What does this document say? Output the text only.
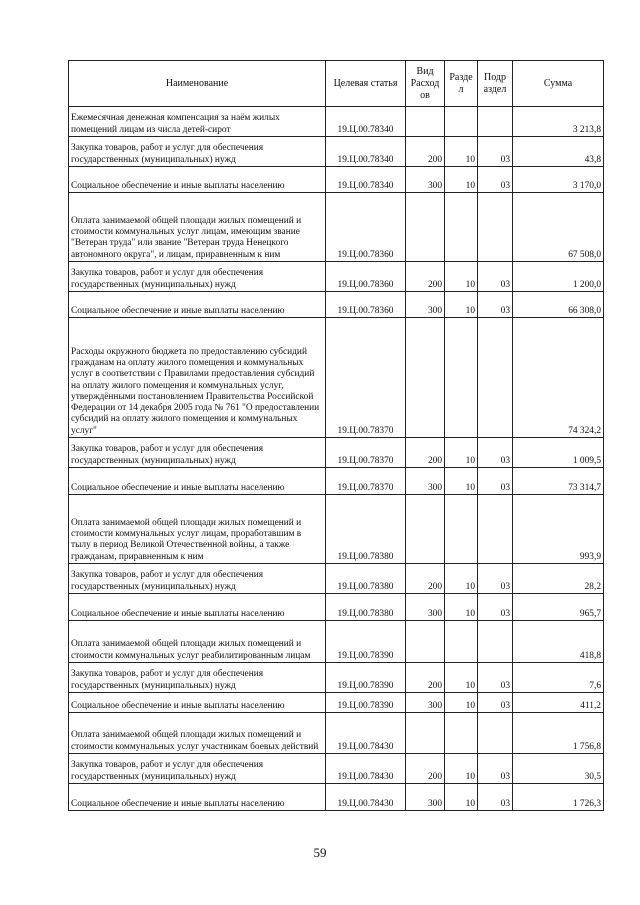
Наименование	Целевая статья	Вид Расход ов	Разде л	Подр аздел	Сумма
Ежемесячная денежная компенсация за наём жилых помещений лицам из числа детей-сирот	19.Ц.00.78340				3 213,8
Закупка товаров, работ и услуг для обеспечения государственных (муниципальных) нужд	19.Ц.00.78340	200	10	03	43,8
Социальное обеспечение и иные выплаты населению	19.Ц.00.78340	300	10	03	3 170,0
Оплата занимаемой общей площади жилых помещений и стоимости коммунальных услуг лицам, имеющим звание "Ветеран труда" или звание "Ветеран труда Ненецкого автономного округа", и лицам, приравненным к ним	19.Ц.00.78360				67 508,0
Закупка товаров, работ и услуг для обеспечения государственных (муниципальных) нужд	19.Ц.00.78360	200	10	03	1 200,0
Социальное обеспечение и иные выплаты населению	19.Ц.00.78360	300	10	03	66 308,0
Расходы окружного бюджета по предоставлению субсидий гражданам на оплату жилого помещения и коммунальных услуг в соответствии с Правилами предоставления субсидий на оплату жилого помещения и коммунальных услуг, утверждёнными постановлением Правительства Российской Федерации от 14 декабря 2005 года № 761 "О предоставлении субсидий на оплату жилого помещения и коммунальных услуг"	19.Ц.00.78370				74 324,2
Закупка товаров, работ и услуг для обеспечения государственных (муниципальных) нужд	19.Ц.00.78370	200	10	03	1 009,5
Социальное обеспечение и иные выплаты населению	19.Ц.00.78370	300	10	03	73 314,7
Оплата занимаемой общей площади жилых помещений и стоимости коммунальных услуг лицам, проработавшим в тылу в период Великой Отечественной войны, а также гражданам, приравненным к ним	19.Ц.00.78380				993,9
Закупка товаров, работ и услуг для обеспечения государственных (муниципальных) нужд	19.Ц.00.78380	200	10	03	28,2
Социальное обеспечение и иные выплаты населению	19.Ц.00.78380	300	10	03	965,7
Оплата занимаемой общей площади жилых помещений и стоимости коммунальных услуг реабилитированным лицам	19.Ц.00.78390				418,8
Закупка товаров, работ и услуг для обеспечения государственных (муниципальных) нужд	19.Ц.00.78390	200	10	03	7,6
Социальное обеспечение и иные выплаты населению	19.Ц.00.78390	300	10	03	411,2
Оплата занимаемой общей площади жилых помещений и стоимости коммунальных услуг участникам боевых действий	19.Ц.00.78430				1 756,8
Закупка товаров, работ и услуг для обеспечения государственных (муниципальных) нужд	19.Ц.00.78430	200	10	03	30,5
Социальное обеспечение и иные выплаты населению	19.Ц.00.78430	300	10	03	1 726,3
59
